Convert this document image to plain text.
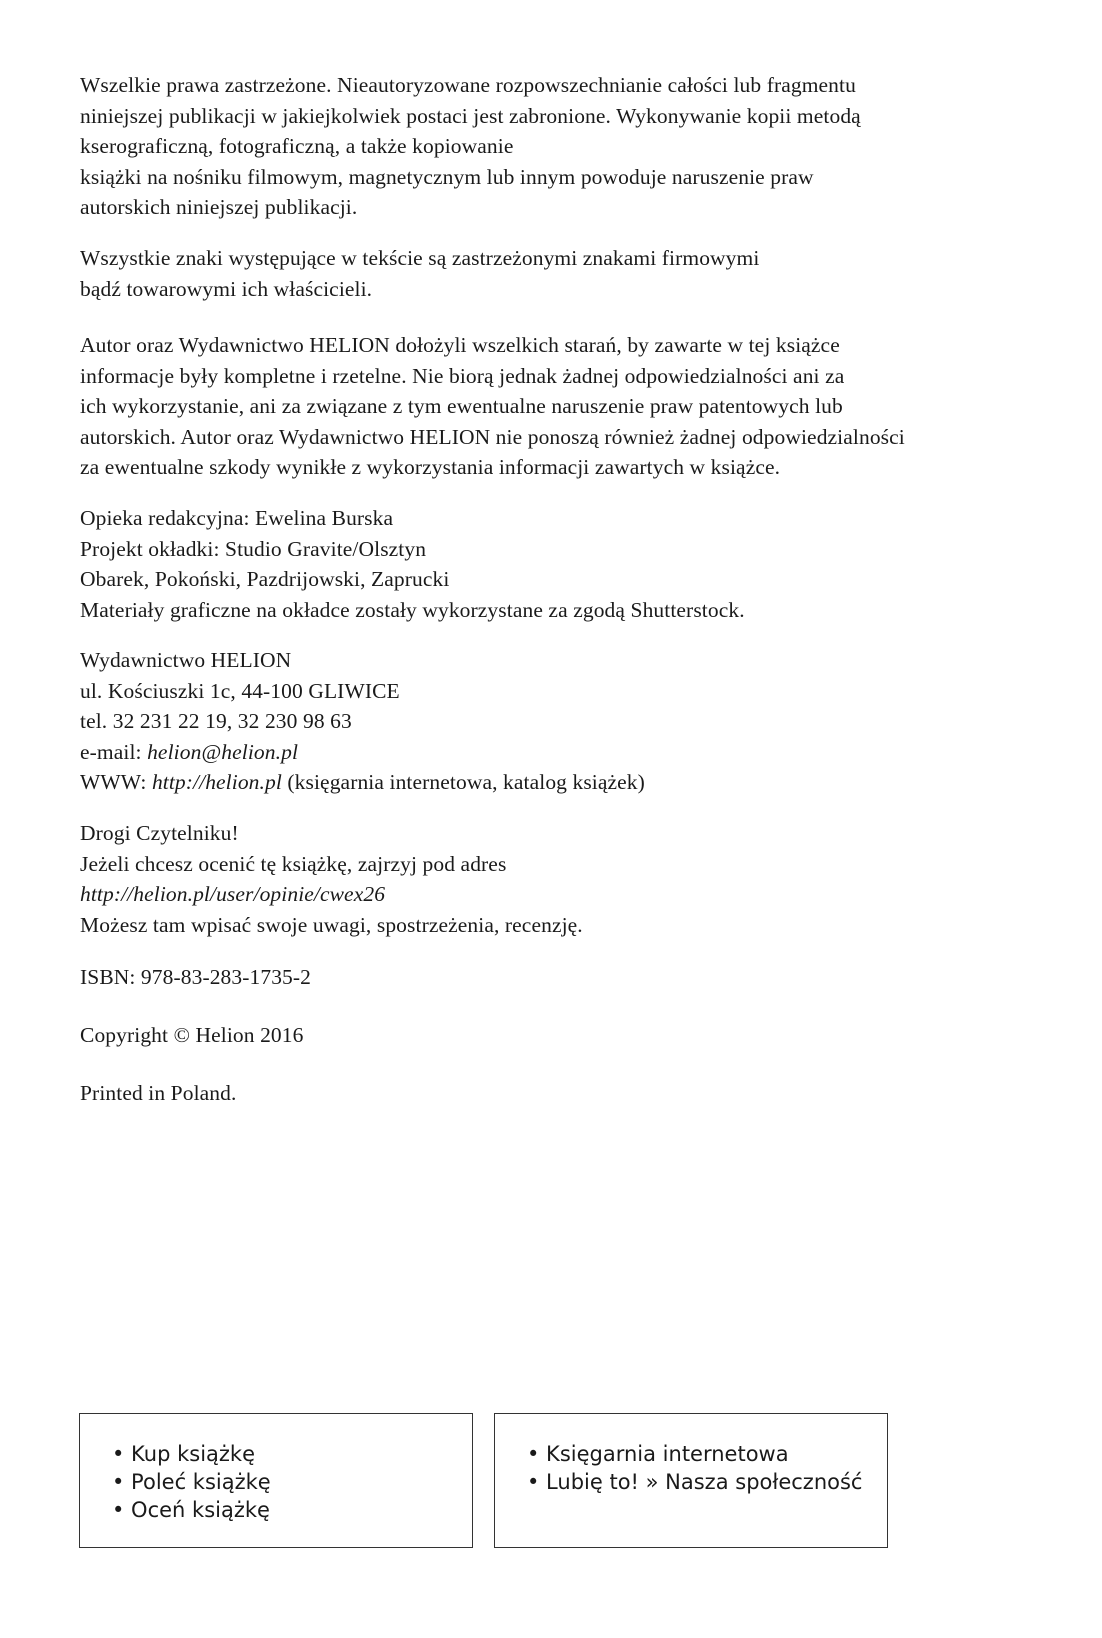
Wszelkie prawa zastrzeżone. Nieautoryzowane rozpowszechnianie całości lub fragmentu
niniejszej publikacji w jakiejkolwiek postaci jest zabronione. Wykonywanie kopii metodą
kserograficzną, fotograficzną, a także kopiowanie
książki na nośniku filmowym, magnetycznym lub innym powoduje naruszenie praw
autorskich niniejszej publikacji.
Wszystkie znaki występujące w tekście są zastrzeżonymi znakami firmowymi
bądź towarowymi ich właścicieli.
Autor oraz Wydawnictwo HELION dołożyli wszelkich starań, by zawarte w tej książce
informacje były kompletne i rzetelne. Nie biorą jednak żadnej odpowiedzialności ani za
ich wykorzystanie, ani za związane z tym ewentualne naruszenie praw patentowych lub
autorskich. Autor oraz Wydawnictwo HELION nie ponoszą również żadnej odpowiedzialności
za ewentualne szkody wynikłe z wykorzystania informacji zawartych w książce.
Opieka redakcyjna: Ewelina Burska
Projekt okładki: Studio Gravite/Olsztyn
Obarek, Pokoński, Pazdrijowski, Zaprucki
Materiały graficzne na okładce zostały wykorzystane za zgodą Shutterstock.
Wydawnictwo HELION
ul. Kościuszki 1c, 44-100 GLIWICE
tel. 32 231 22 19, 32 230 98 63
e-mail: helion@helion.pl
WWW: http://helion.pl (księgarnia internetowa, katalog książek)
Drogi Czytelniku!
Jeżeli chcesz ocenić tę książkę, zajrzyj pod adres
http://helion.pl/user/opinie/cwex26
Możesz tam wpisać swoje uwagi, spostrzeżenia, recenzję.
ISBN: 978-83-283-1735-2
Copyright © Helion 2016
Printed in Poland.
• Kup książkę
• Poleć książkę
• Oceń książkę
• Księgarnia internetowa
• Lubię to! » Nasza społeczność
